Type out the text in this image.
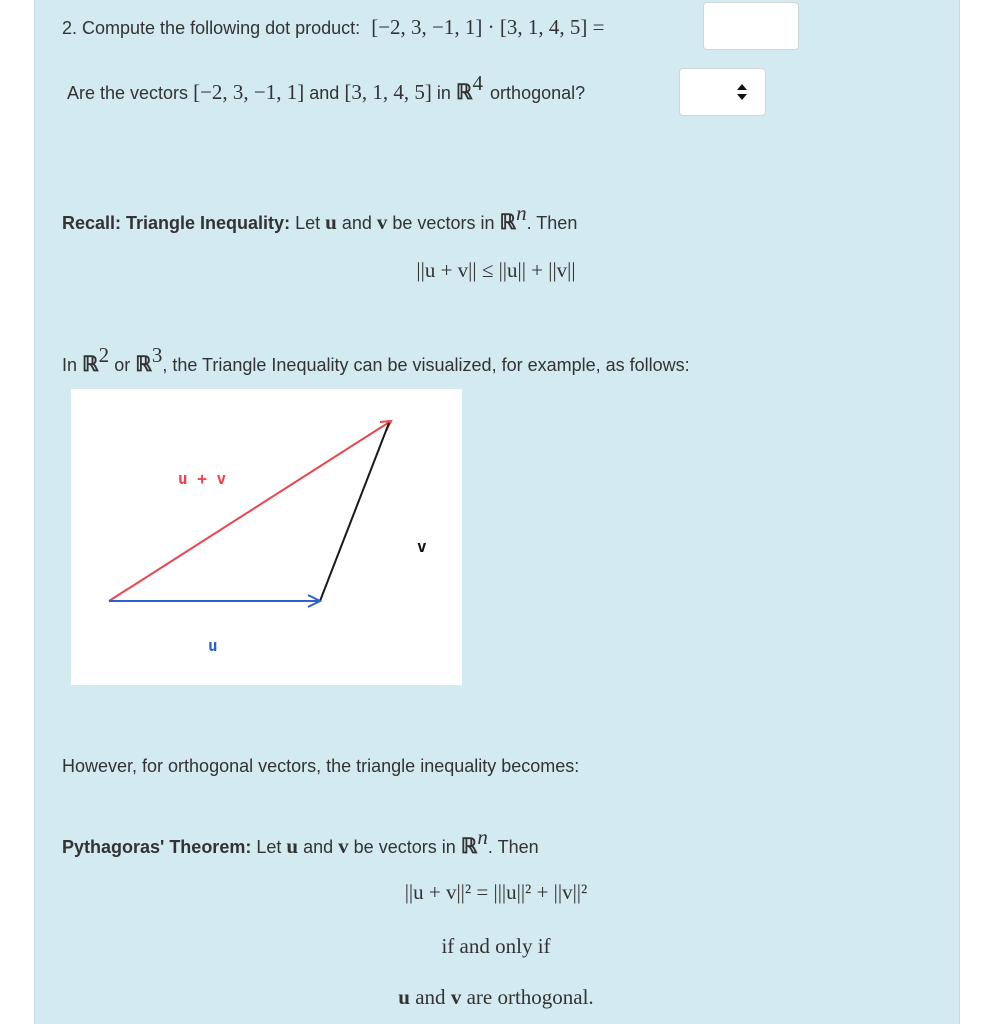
2. Compute the following dot product: [−2, 3, −1, 1] · [3, 1, 4, 5] =
Are the vectors [−2, 3, −1, 1] and [3, 1, 4, 5] in ℝ$^4$ orthogonal?
Recall: Triangle Inequality: Let u and v be vectors in ℝ$^n$. Then
||u + v|| ≤ ||u|| + ||v||
In ℝ$^2$ or ℝ$^3$, the Triangle Inequality can be visualized, for example, as follows:
u + v
v
u
However, for orthogonal vectors, the triangle inequality becomes:
Pythagoras' Theorem: Let u and v be vectors in ℝ$^n$. Then
||u + v||² = |||u||² + ||v||²
if and only if
u and v are orthogonal.
